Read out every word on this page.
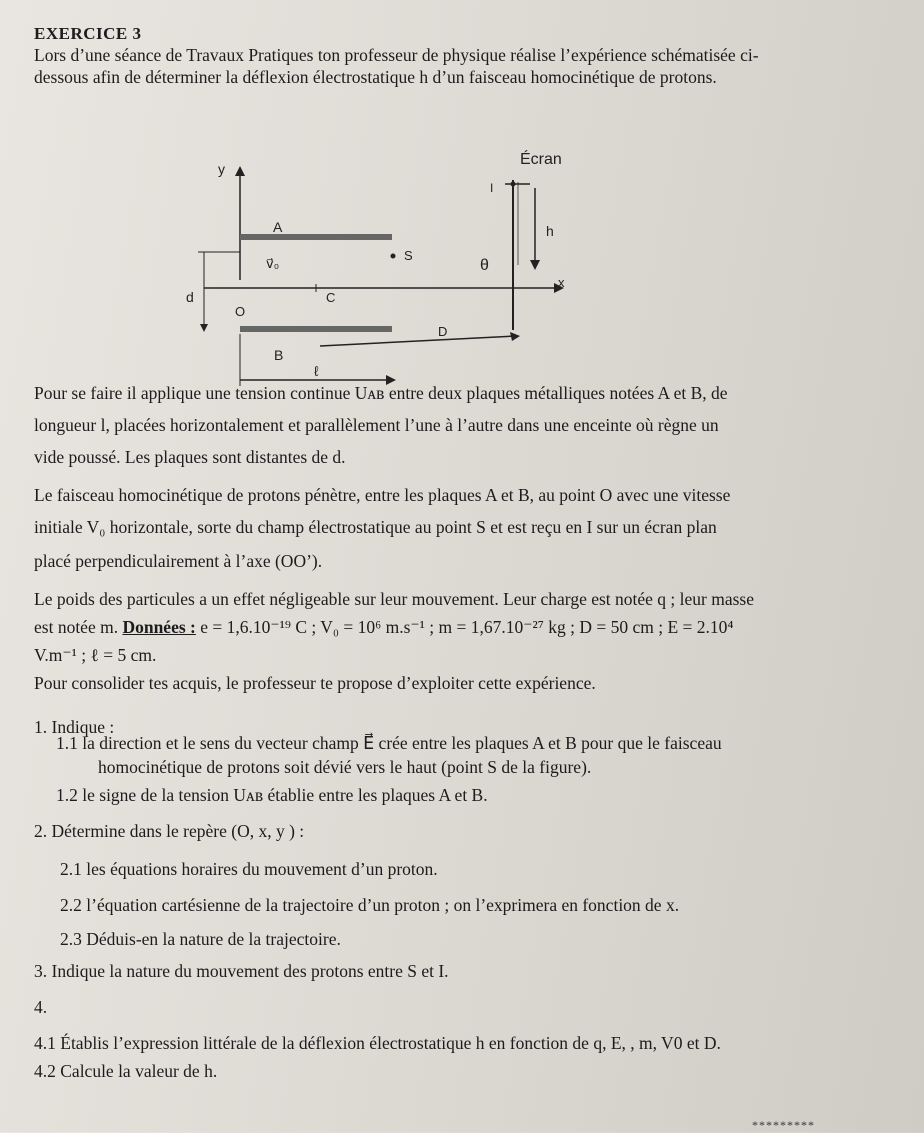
EXERCICE 3
Lors d’une séance de Travaux Pratiques ton professeur de physique réalise l’expérience schématisée ci-
dessous afin de déterminer la déflexion électrostatique h d’un faisceau homocinétique de protons.
y
Écran
I
h
A
d
v⃗₀
S
θ
x
O
C
B
D
ℓ
Pour se faire il applique une tension continue Uᴀʙ entre deux plaques métalliques notées A et B, de
longueur l, placées horizontalement et parallèlement l’une à l’autre dans une enceinte où règne un
vide poussé. Les plaques sont distantes de d.
Le faisceau homocinétique de protons pénètre, entre les plaques A et B, au point O avec une vitesse
initiale V₀ horizontale, sorte du champ électrostatique au point S et est reçu en I sur un écran plan
placé perpendiculairement à l’axe (OO’).
Le poids des particules a un effet négligeable sur leur mouvement. Leur charge est notée q ; leur masse
est notée m. Données : e = 1,6.10⁻¹⁹ C ; V₀ = 10⁶ m.s⁻¹ ; m = 1,67.10⁻²⁷ kg ; D = 50 cm ; E = 2.10⁴
V.m⁻¹ ; ℓ = 5 cm.
Pour consolider tes acquis, le professeur te propose d’exploiter cette expérience.
1. Indique :
1.1 la direction et le sens du vecteur champ E⃗ crée entre les plaques A et B pour que le faisceau
homocinétique de protons soit dévié vers le haut (point S de la figure).
1.2 le signe de la tension Uᴀʙ établie entre les plaques A et B.
2. Détermine dans le repère (O, x, y ) :
2.1 les équations horaires du mouvement d’un proton.
2.2 l’équation cartésienne de la trajectoire d’un proton ; on l’exprimera en fonction de x.
2.3 Déduis-en la nature de la trajectoire.
3. Indique la nature du mouvement des protons entre S et I.
4.
4.1 Établis l’expression littérale de la déflexion électrostatique h en fonction de q, E, , m, V0 et D.
4.2 Calcule la valeur de h.
*********
